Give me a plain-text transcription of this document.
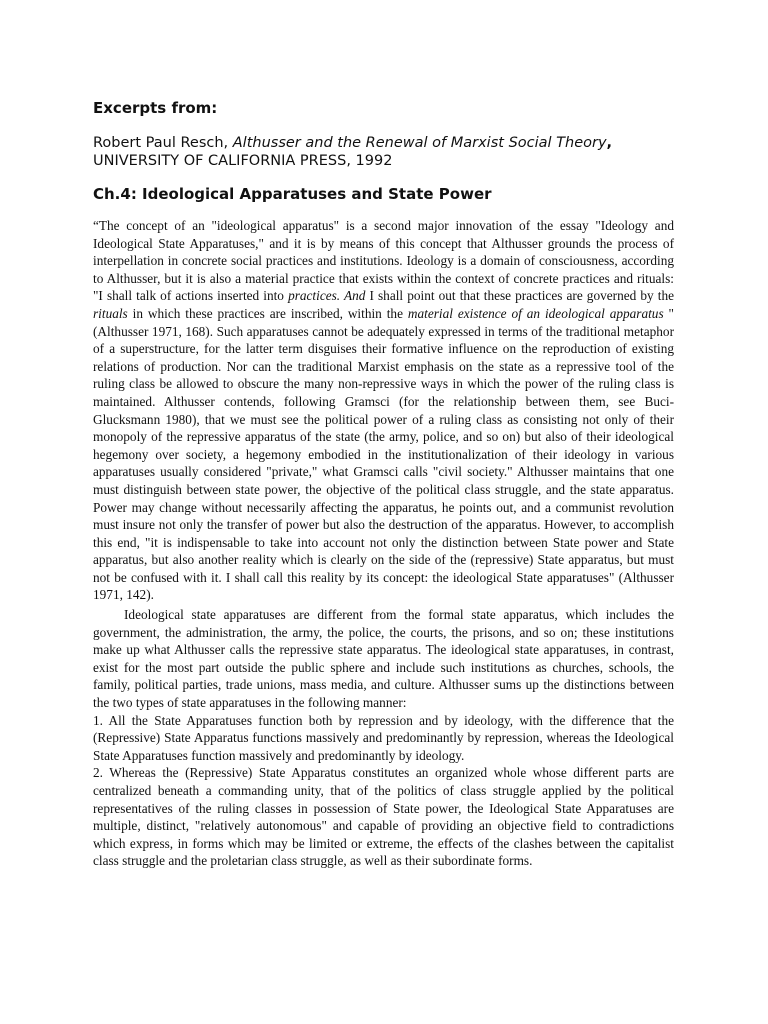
Excerpts from:
Robert Paul Resch, Althusser and the Renewal of Marxist Social Theory,
UNIVERSITY OF CALIFORNIA PRESS, 1992
Ch.4: Ideological Apparatuses and State Power

“The concept of an "ideological apparatus" is a second major innovation of the essay "Ideology and Ideological State Apparatuses," and it is by means of this concept that Althusser grounds the process of interpellation in concrete social practices and institutions. Ideology is a domain of consciousness, according to Althusser, but it is also a material practice that exists within the context of concrete practices and rituals: "I shall talk of actions inserted into practices. And I shall point out that these practices are governed by the rituals in which these practices are inscribed, within the material existence of an ideological apparatus " (Althusser 1971, 168). Such apparatuses cannot be adequately expressed in terms of the traditional metaphor of a superstructure, for the latter term disguises their formative influence on the reproduction of existing relations of production. Nor can the traditional Marxist emphasis on the state as a repressive tool of the ruling class be allowed to obscure the many non-repressive ways in which the power of the ruling class is maintained. Althusser contends, following Gramsci (for the relationship between them, see Buci-Glucksmann 1980), that we must see the political power of a ruling class as consisting not only of their monopoly of the repressive apparatus of the state (the army, police, and so on) but also of their ideological hegemony over society, a hegemony embodied in the institutionalization of their ideology in various apparatuses usually considered "private," what Gramsci calls "civil society." Althusser maintains that one must distinguish between state power, the objective of the political class struggle, and the state apparatus. Power may change without necessarily affecting the apparatus, he points out, and a communist revolution must insure not only the transfer of power but also the destruction of the apparatus. However, to accomplish this end, "it is indispensable to take into account not only the distinction between State power and State apparatus, but also another reality which is clearly on the side of the (repressive) State apparatus, but must not be confused with it. I shall call this reality by its concept: the ideological State apparatuses" (Althusser 1971, 142).

Ideological state apparatuses are different from the formal state apparatus, which includes the government, the administration, the army, the police, the courts, the prisons, and so on; these institutions make up what Althusser calls the repressive state apparatus. The ideological state apparatuses, in contrast, exist for the most part outside the public sphere and include such institutions as churches, schools, the family, political parties, trade unions, mass media, and culture. Althusser sums up the distinctions between the two types of state apparatuses in the following manner:

1. All the State Apparatuses function both by repression and by ideology, with the difference that the (Repressive) State Apparatus functions massively and predominantly by repression, whereas the Ideological State Apparatuses function massively and predominantly by ideology.

2. Whereas the (Repressive) State Apparatus constitutes an organized whole whose different parts are centralized beneath a commanding unity, that of the politics of class struggle applied by the political representatives of the ruling classes in possession of State power, the Ideological State Apparatuses are multiple, distinct, "relatively autonomous" and capable of providing an objective field to contradictions which express, in forms which may be limited or extreme, the effects of the clashes between the capitalist class struggle and the proletarian class struggle, as well as their subordinate forms.
